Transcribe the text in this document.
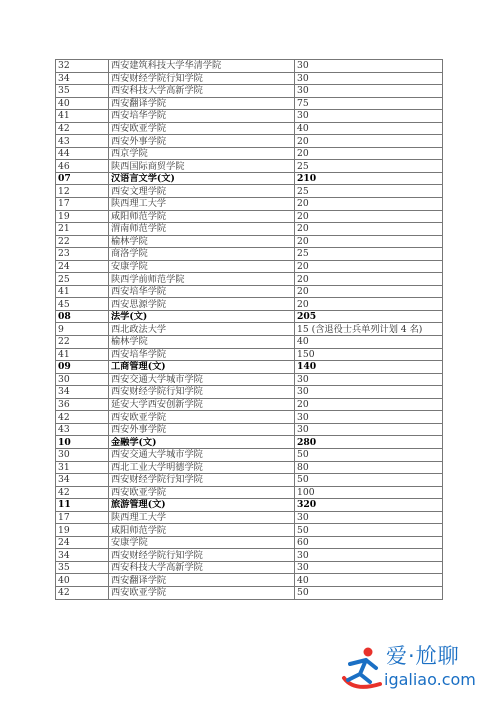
32	西安建筑科技大学华清学院	30
34	西安财经学院行知学院	30
35	西安科技大学高新学院	30
40	西安翻译学院	75
41	西安培华学院	30
42	西安欧亚学院	40
43	西安外事学院	20
44	西京学院	20
46	陕西国际商贸学院	25
07	汉语言文学(文)	210
12	西安文理学院	25
17	陕西理工大学	20
19	咸阳师范学院	20
21	渭南师范学院	20
22	榆林学院	20
23	商洛学院	25
24	安康学院	20
25	陕西学前师范学院	20
41	西安培华学院	20
45	西安思源学院	20
08	法学(文)	205
9	西北政法大学	15 (含退役士兵单列计划 4 名)
22	榆林学院	40
41	西安培华学院	150
09	工商管理(文)	140
30	西安交通大学城市学院	30
34	西安财经学院行知学院	30
36	延安大学西安创新学院	20
42	西安欧亚学院	30
43	西安外事学院	30
10	金融学(文)	280
30	西安交通大学城市学院	50
31	西北工业大学明德学院	80
34	西安财经学院行知学院	50
42	西安欧亚学院	100
11	旅游管理(文)	320
17	陕西理工大学	30
19	咸阳师范学院	50
24	安康学院	60
34	西安财经学院行知学院	30
35	西安科技大学高新学院	30
40	西安翻译学院	40
42	西安欧亚学院	50
爱·尬聊
igaliao.com
